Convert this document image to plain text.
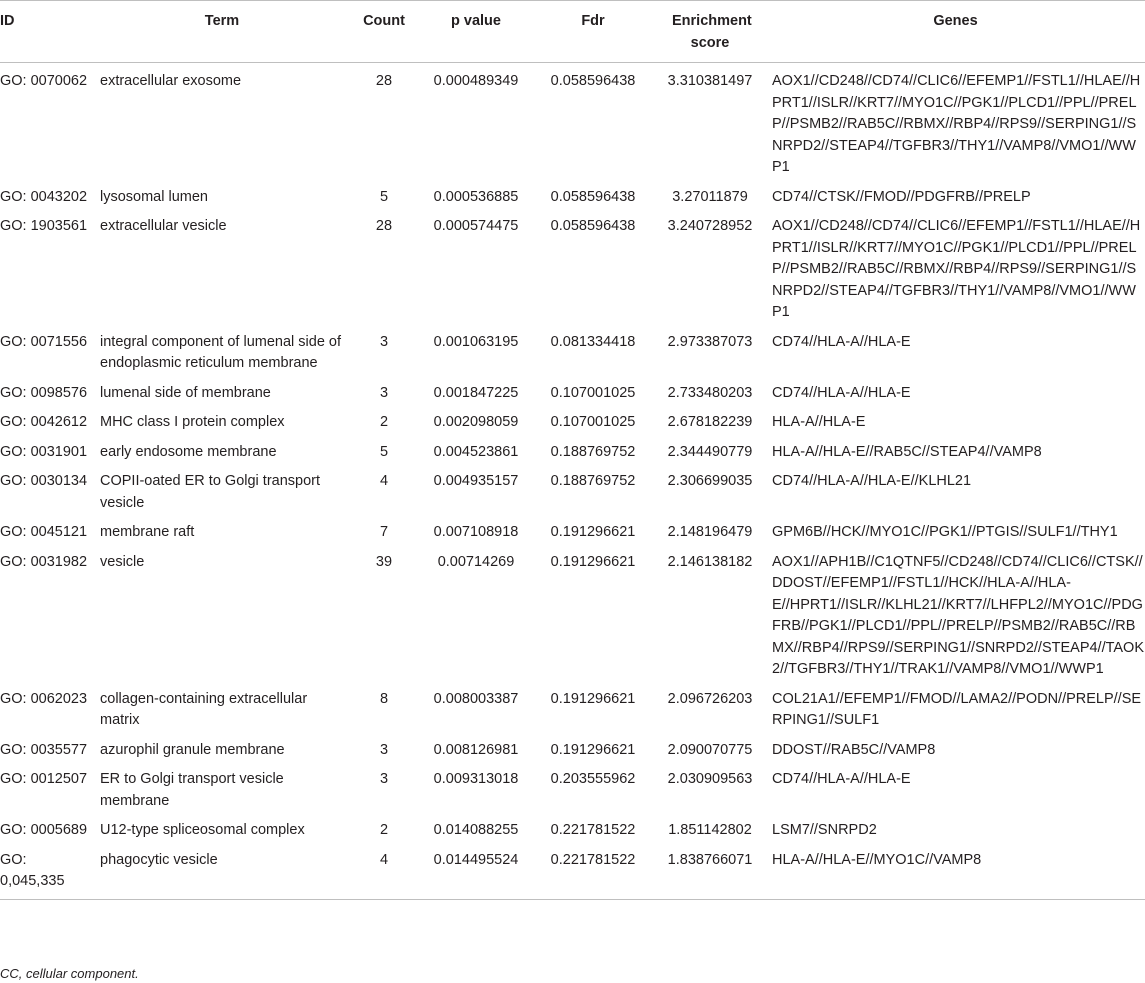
ID	Term	Count	p value	Fdr	Enrichment score	Genes
GO: 0070062	extracellular exosome	28	0.000489349	0.058596438	3.310381497	AOX1//CD248//CD74//CLIC6//EFEMP1//FSTL1//HLAE//HPRT1//ISLR//KRT7//MYO1C//PGK1//PLCD1//PPL//PRELP//PSMB2//RAB5C//RBMX//RBP4//RPS9//SERPING1//SNRPD2//STEAP4//TGFBR3//THY1//VAMP8//VMO1//WWP1
GO: 0043202	lysosomal lumen	5	0.000536885	0.058596438	3.27011879	CD74//CTSK//FMOD//PDGFRB//PRELP
GO: 1903561	extracellular vesicle	28	0.000574475	0.058596438	3.240728952	AOX1//CD248//CD74//CLIC6//EFEMP1//FSTL1//HLAE//HPRT1//ISLR//KRT7//MYO1C//PGK1//PLCD1//PPL//PRELP//PSMB2//RAB5C//RBMX//RBP4//RPS9//SERPING1//SNRPD2//STEAP4//TGFBR3//THY1//VAMP8//VMO1//WWP1
GO: 0071556	integral component of lumenal side of endoplasmic reticulum membrane	3	0.001063195	0.081334418	2.973387073	CD74//HLA-A//HLA-E
GO: 0098576	lumenal side of membrane	3	0.001847225	0.107001025	2.733480203	CD74//HLA-A//HLA-E
GO: 0042612	MHC class I protein complex	2	0.002098059	0.107001025	2.678182239	HLA-A//HLA-E
GO: 0031901	early endosome membrane	5	0.004523861	0.188769752	2.344490779	HLA-A//HLA-E//RAB5C//STEAP4//VAMP8
GO: 0030134	COPII-oated ER to Golgi transport vesicle	4	0.004935157	0.188769752	2.306699035	CD74//HLA-A//HLA-E//KLHL21
GO: 0045121	membrane raft	7	0.007108918	0.191296621	2.148196479	GPM6B//HCK//MYO1C//PGK1//PTGIS//SULF1//THY1
GO: 0031982	vesicle	39	0.00714269	0.191296621	2.146138182	AOX1//APH1B//C1QTNF5//CD248//CD74//CLIC6//CTSK//DDOST//EFEMP1//FSTL1//HCK//HLA-A//HLA-E//HPRT1//ISLR//KLHL21//KRT7//LHFPL2//MYO1C//PDGFRB//PGK1//PLCD1//PPL//PRELP//PSMB2//RAB5C//RBMX//RBP4//RPS9//SERPING1//SNRPD2//STEAP4//TAOK2//TGFBR3//THY1//TRAK1//VAMP8//VMO1//WWP1
GO: 0062023	collagen-containing extracellular matrix	8	0.008003387	0.191296621	2.096726203	COL21A1//EFEMP1//FMOD//LAMA2//PODN//PRELP//SERPING1//SULF1
GO: 0035577	azurophil granule membrane	3	0.008126981	0.191296621	2.090070775	DDOST//RAB5C//VAMP8
GO: 0012507	ER to Golgi transport vesicle membrane	3	0.009313018	0.203555962	2.030909563	CD74//HLA-A//HLA-E
GO: 0005689	U12-type spliceosomal complex	2	0.014088255	0.221781522	1.851142802	LSM7//SNRPD2
GO: 0,045,335	phagocytic vesicle	4	0.014495524	0.221781522	1.838766071	HLA-A//HLA-E//MYO1C//VAMP8
CC, cellular component.
